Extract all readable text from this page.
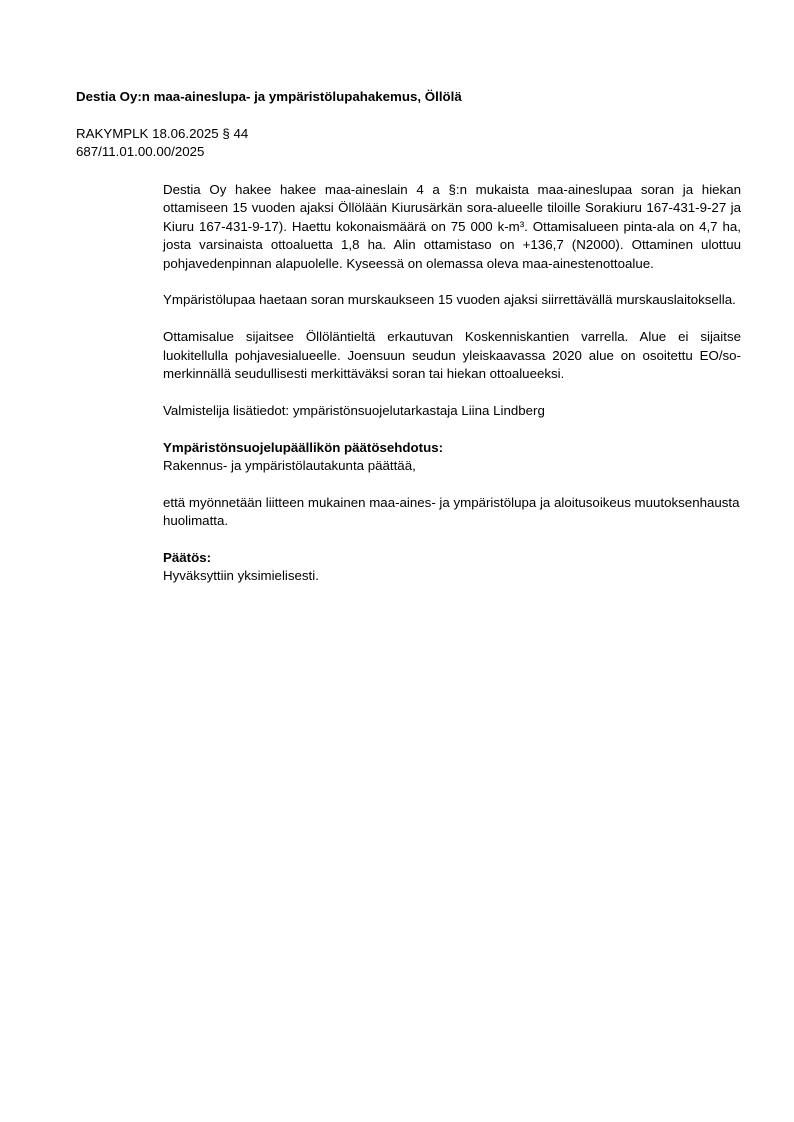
Destia Oy:n maa-aineslupa- ja ympäristölupahakemus, Öllölä
RAKYMPLK 18.06.2025 § 44
687/11.01.00.00/2025

Destia Oy hakee hakee maa-aineslain 4 a §:n mukaista maa-aineslupaa soran ja hiekan ottamiseen 15 vuoden ajaksi Öllölään Kiurusärkän sora-alueelle tiloille Sorakiuru 167-431-9-27 ja Kiuru 167-431-9-17). Haettu kokonaismäärä on 75 000 k-m³. Ottamisalueen pinta-ala on 4,7 ha, josta varsinaista ottoaluetta 1,8 ha. Alin ottamistaso on +136,7 (N2000). Ottaminen ulottuu pohjavedenpinnan alapuolelle. Kyseessä on olemassa oleva maa-ainestenottoalue.

Ympäristölupaa haetaan soran murskaukseen 15 vuoden ajaksi siirrettävällä murskauslaitoksella.

Ottamisalue sijaitsee Öllöläntieltä erkautuvan Koskenniskantien varrella. Alue ei sijaitse luokitellulla pohjavesialueelle. Joensuun seudun yleiskaavassa 2020 alue on osoitettu EO/so-merkinnällä seudullisesti merkittäväksi soran tai hiekan ottoalueeksi.

Valmistelija lisätiedot: ympäristönsuojelutarkastaja Liina Lindberg

Ympäristönsuojelupäällikön päätösehdotus:
Rakennus- ja ympäristölautakunta päättää,

että myönnetään liitteen mukainen maa-aines- ja ympäristölupa ja aloitusoikeus muutoksenhausta huolimatta.

Päätös:
Hyväksyttiin yksimielisesti.
